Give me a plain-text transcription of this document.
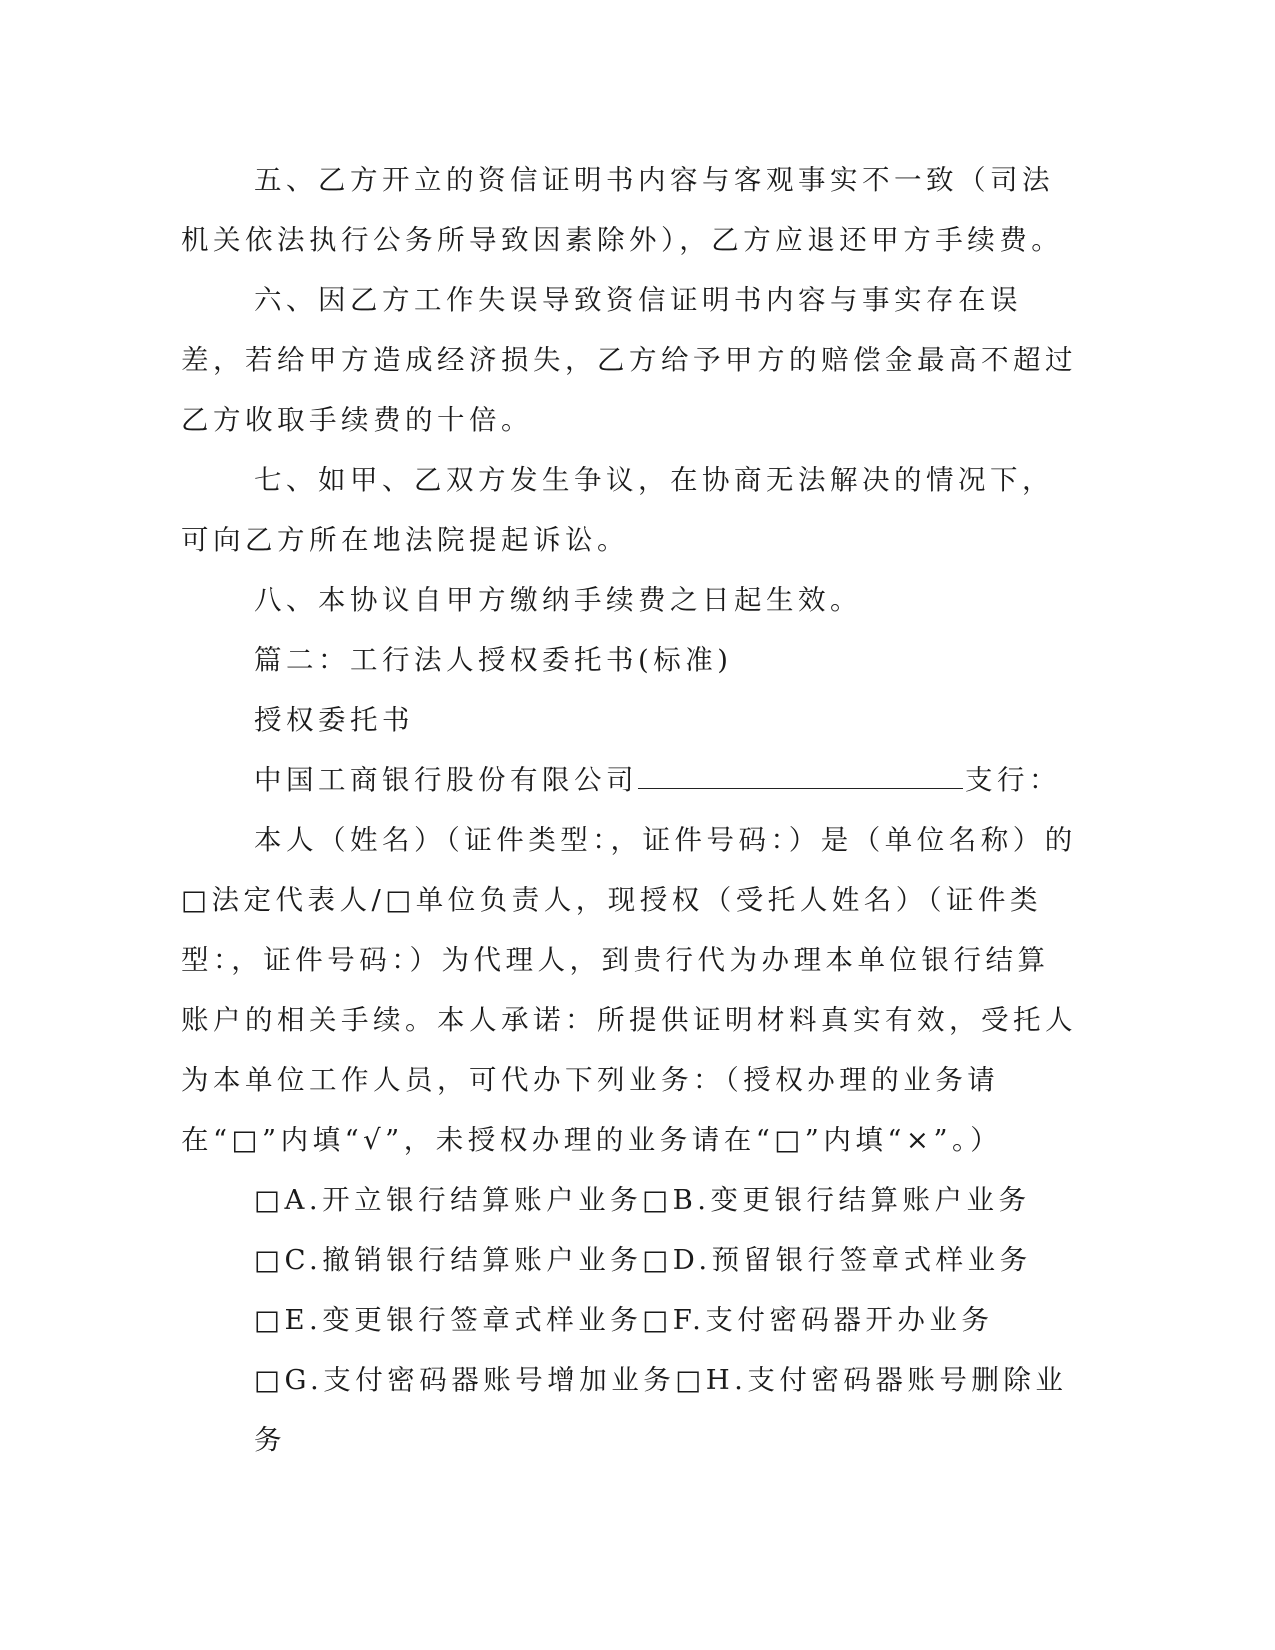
五、乙方开立的资信证明书内容与客观事实不一致（司法机关依法执行公务所导致因素除外），乙方应退还甲方手续费。

六、因乙方工作失误导致资信证明书内容与事实存在误差，若给甲方造成经济损失，乙方给予甲方的赔偿金最高不超过乙方收取手续费的十倍。

七、如甲、乙双方发生争议，在协商无法解决的情况下，可向乙方所在地法院提起诉讼。

八、本协议自甲方缴纳手续费之日起生效。

篇二：工行法人授权委托书(标准)

授权委托书

中国工商银行股份有限公司	支行：

本人（姓名）（证件类型：，证件号码：）是（单位名称）的□法定代表人/□单位负责人，现授权（受托人姓名）（证件类型：，证件号码：）为代理人，到贵行代为办理本单位银行结算账户的相关手续。本人承诺：所提供证明材料真实有效，受托人为本单位工作人员，可代办下列业务：（授权办理的业务请在“□”内填“√”，未授权办理的业务请在“□”内填“×”。）

□A.开立银行结算账户业务□B.变更银行结算账户业务

□C.撤销银行结算账户业务□D.预留银行签章式样业务

□E.变更银行签章式样业务□F.支付密码器开办业务

□G.支付密码器账号增加业务□H.支付密码器账号删除业务
